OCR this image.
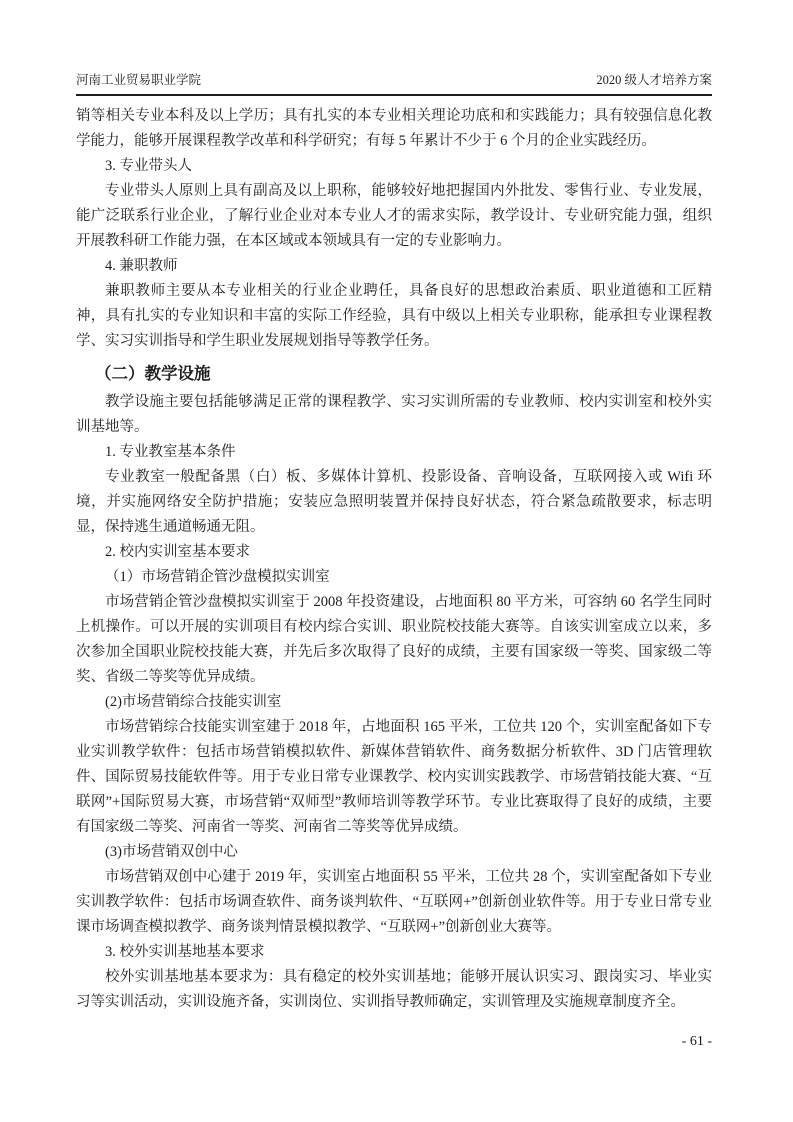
河南工业贸易职业学院	2020 级人才培养方案

销等相关专业本科及以上学历；具有扎实的本专业相关理论功底和和实践能力；具有较强信息化教学能力，能够开展课程教学改革和科学研究；有每 5 年累计不少于 6 个月的企业实践经历。

3. 专业带头人

专业带头人原则上具有副高及以上职称，能够较好地把握国内外批发、零售行业、专业发展，能广泛联系行业企业，了解行业企业对本专业人才的需求实际，教学设计、专业研究能力强，组织开展教科研工作能力强，在本区域或本领域具有一定的专业影响力。

4. 兼职教师

兼职教师主要从本专业相关的行业企业聘任，具备良好的思想政治素质、职业道德和工匠精神，具有扎实的专业知识和丰富的实际工作经验，具有中级以上相关专业职称，能承担专业课程教学、实习实训指导和学生职业发展规划指导等教学任务。

（二）教学设施

教学设施主要包括能够满足正常的课程教学、实习实训所需的专业教师、校内实训室和校外实训基地等。

1. 专业教室基本条件

专业教室一般配备黑（白）板、多媒体计算机、投影设备、音响设备，互联网接入或 Wifi 环境，并实施网络安全防护措施；安装应急照明装置并保持良好状态，符合紧急疏散要求，标志明显，保持逃生通道畅通无阻。

2. 校内实训室基本要求

（1）市场营销企管沙盘模拟实训室

市场营销企管沙盘模拟实训室于 2008 年投资建设，占地面积 80 平方米，可容纳 60 名学生同时上机操作。可以开展的实训项目有校内综合实训、职业院校技能大赛等。自该实训室成立以来，多次参加全国职业院校技能大赛，并先后多次取得了良好的成绩，主要有国家级一等奖、国家级二等奖、省级二等奖等优异成绩。

(2)市场营销综合技能实训室

市场营销综合技能实训室建于 2018 年，占地面积 165 平米，工位共 120 个，实训室配备如下专业实训教学软件：包括市场营销模拟软件、新媒体营销软件、商务数据分析软件、3D 门店管理软件、国际贸易技能软件等。用于专业日常专业课教学、校内实训实践教学、市场营销技能大赛、“互联网”+国际贸易大赛，市场营销“双师型”教师培训等教学环节。专业比赛取得了良好的成绩，主要有国家级二等奖、河南省一等奖、河南省二等奖等优异成绩。

(3)市场营销双创中心

市场营销双创中心建于 2019 年，实训室占地面积 55 平米，工位共 28 个，实训室配备如下专业实训教学软件：包括市场调查软件、商务谈判软件、“互联网+”创新创业软件等。用于专业日常专业课市场调查模拟教学、商务谈判情景模拟教学、“互联网+”创新创业大赛等。

3. 校外实训基地基本要求

校外实训基地基本要求为：具有稳定的校外实训基地；能够开展认识实习、跟岗实习、毕业实习等实训活动，实训设施齐备，实训岗位、实训指导教师确定，实训管理及实施规章制度齐全。

- 61 -
